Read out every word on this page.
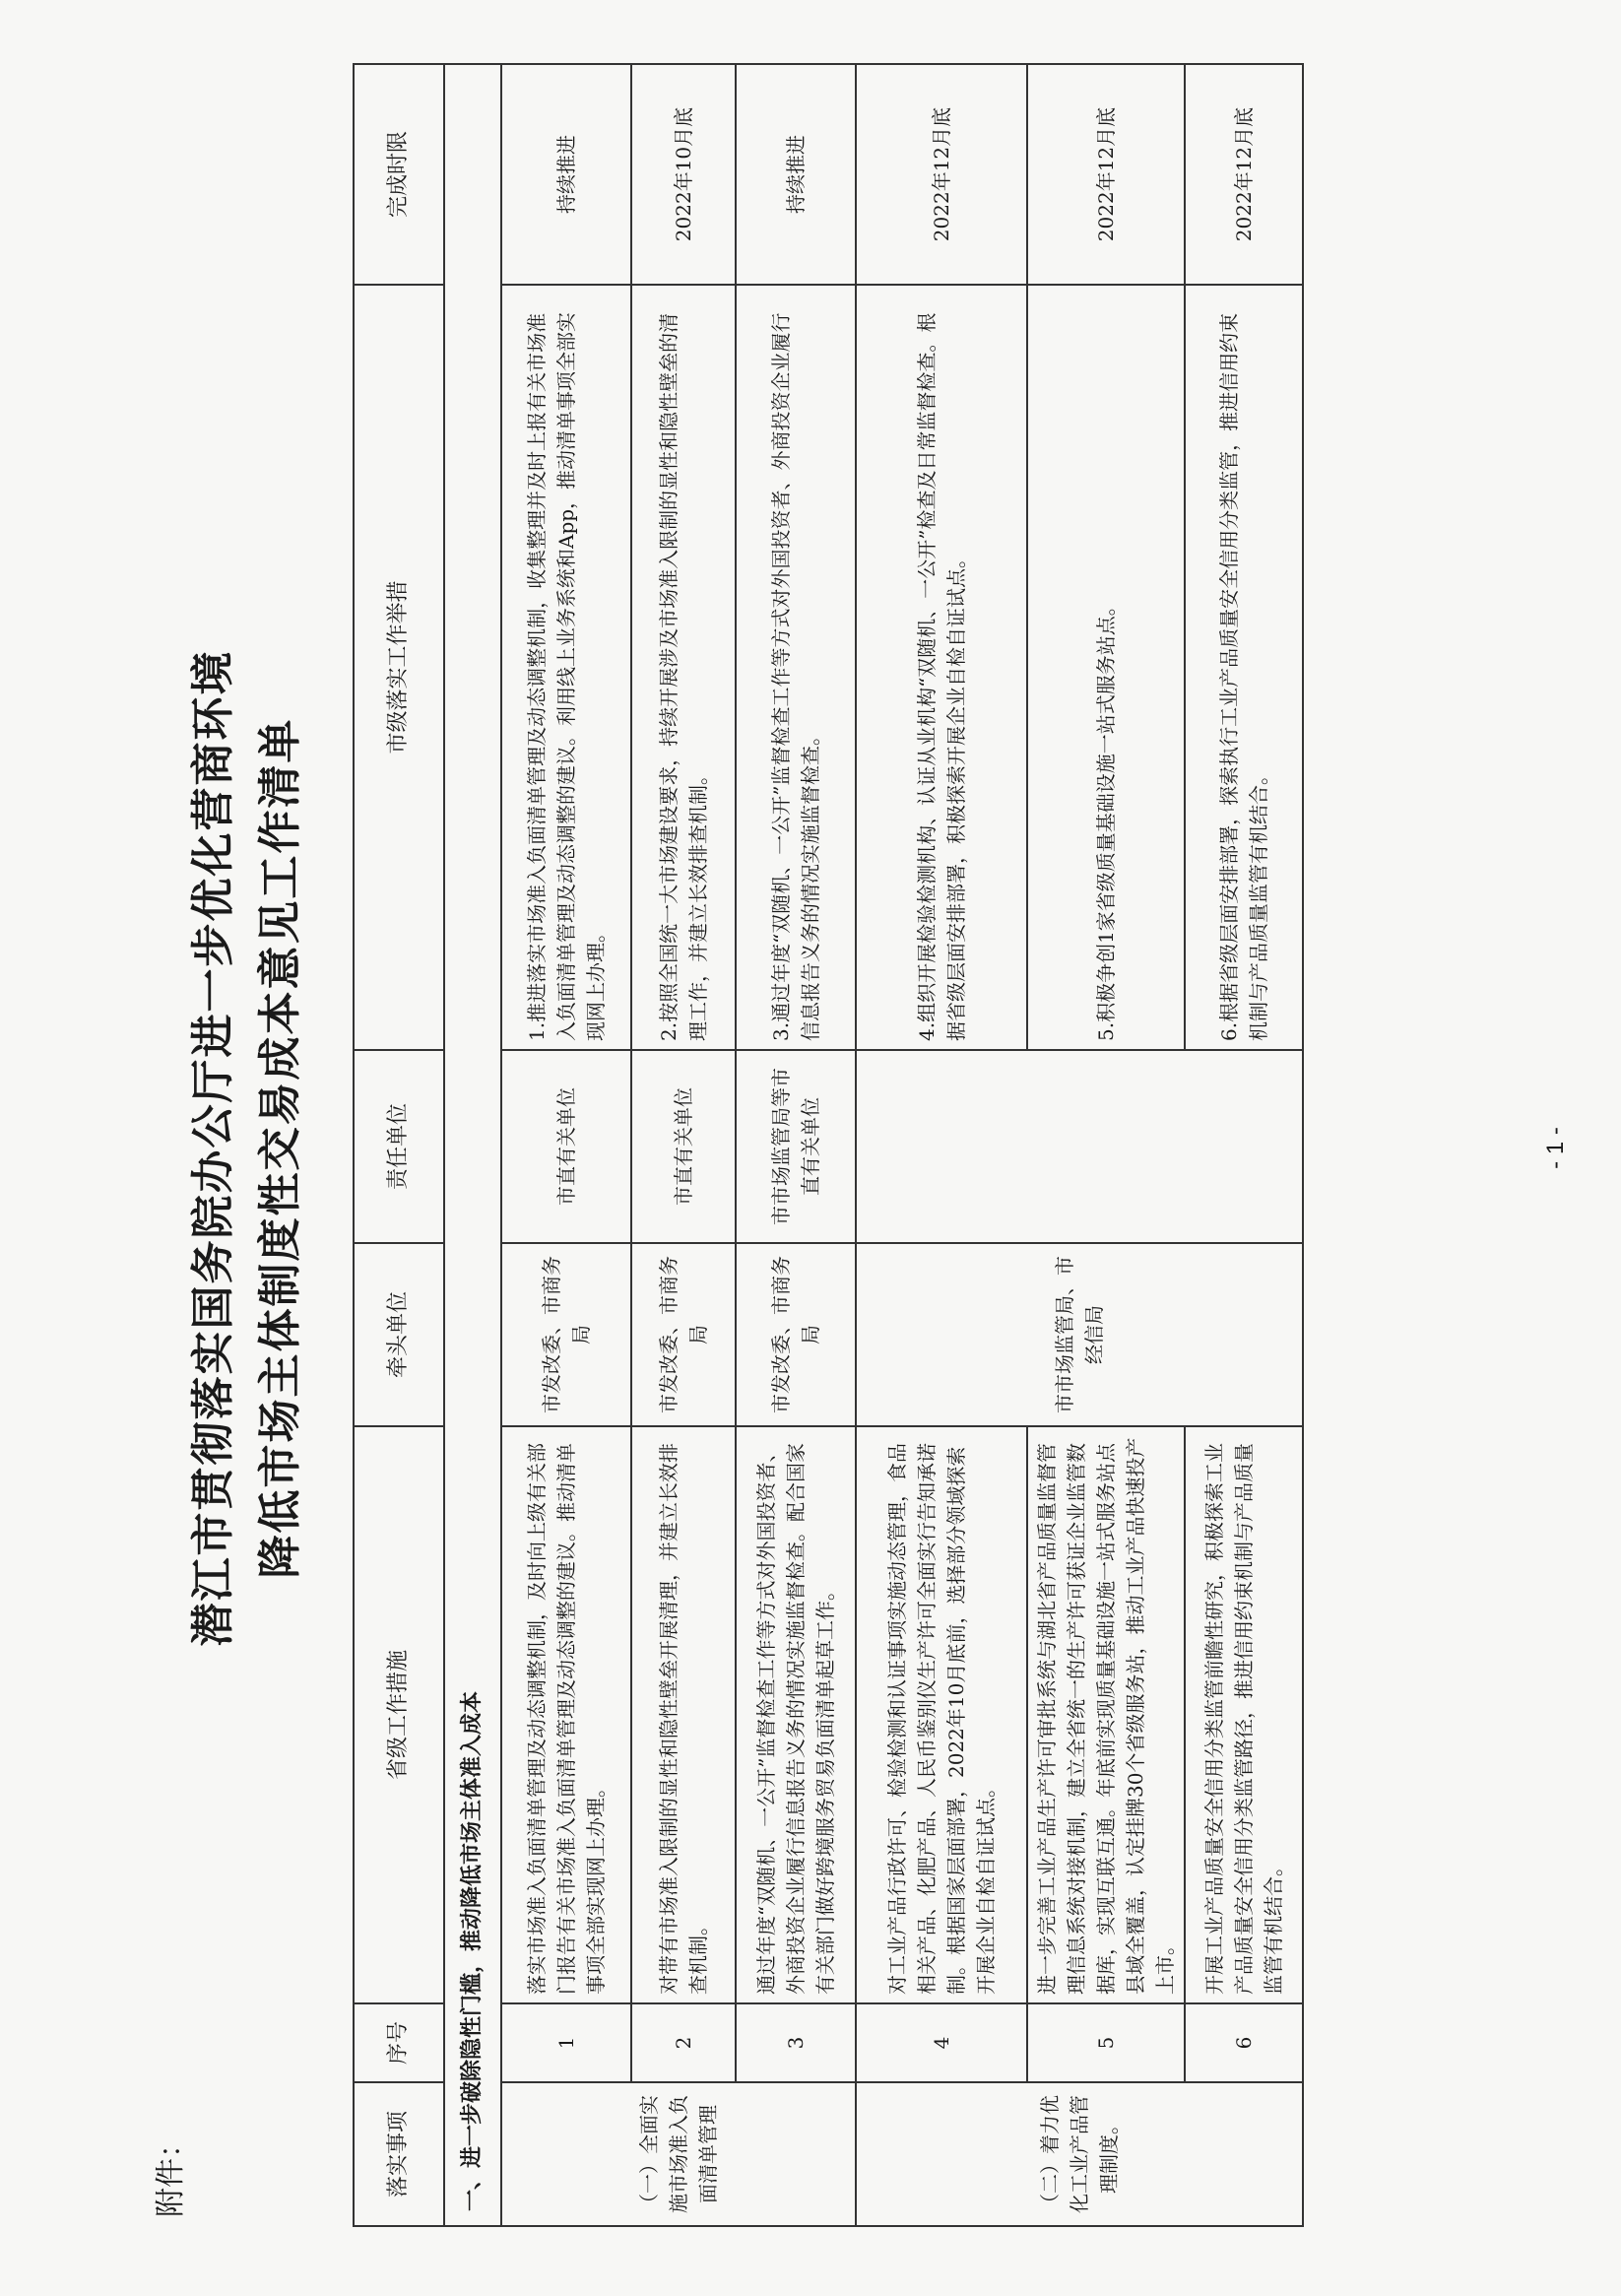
附件：
潜江市贯彻落实国务院办公厅进一步优化营商环境 降低市场主体制度性交易成本意见工作清单
落实事项	序号	省级工作措施	牵头单位	责任单位	市级落实工作举措	完成时限
一、进一步破除隐性门槛，推动降低市场主体准入成本						
（一）全面实施市场准入负面清单管理	1	落实市场准入负面清单管理及动态调整机制，及时向上级有关部门报告有关市场准入负面清单管理及动态调整的建议。推动清单事项全部实现网上办理。	市发改委、市商务局	市直有关单位	1.推进落实市场准入负面清单管理及动态调整机制，收集整理并及时上报有关市场准入负面清单管理及动态调整的建议。利用线上业务系统和App，推动清单事项全部实现网上办理。	持续推进
	2	对带有市场准入限制的显性和隐性壁垒开展清理，并建立长效排查机制。	市发改委、市商务局	市直有关单位	2.按照全国统一大市场建设要求，持续开展涉及市场准入限制的显性和隐性壁垒的清理工作，并建立长效排查机制。	2022年10月底
	3	通过年度“双随机、一公开”监督检查工作等方式对外国投资者、外商投资企业履行信息报告义务的情况实施监督检查。配合国家有关部门做好跨境服务贸易负面清单起草工作。	市发改委、市商务局	市市场监管局等市直有关单位	3.通过年度“双随机、一公开”监督检查工作等方式对外国投资者、外商投资企业履行信息报告义务的情况实施监督检查。	持续推进
（二）着力优化工业产品管理制度。	4	对工业产品行政许可、检验检测和认证事项实施动态管理，食品相关产品、化肥产品、人民币鉴别仪生产许可全面实行告知承诺制。根据国家层面部署，2022年10月底前，选择部分领域探索开展企业自检自证试点。	市市场监管局、市经信局		4.组织开展检验检测机构、认证从业机构“双随机、一公开”检查及日常监督检查。根据省级层面安排部署，积极探索开展企业自检自证试点。	2022年12月底
	5	进一步完善工业产品生产许可审批系统与湖北省产品质量监督管理信息系统对接机制，建立全省统一的生产许可获证企业监管数据库，实现互联互通。年底前实现质量基础设施一站式服务站点县域全覆盖，认定挂牌30个省级服务站，推动工业产品快速投产上市。			5.积极争创1家省级质量基础设施一站式服务站点。	2022年12月底
	6	开展工业产品质量安全信用分类监管前瞻性研究，积极探索工业产品质量安全信用分类监管路径，推进信用约束机制与产品质量监管有机结合。			6.根据省级层面安排部署，探索执行工业产品质量安全信用分类监管，推进信用约束机制与产品质量监管有机结合。	2022年12月底
- 1 -
